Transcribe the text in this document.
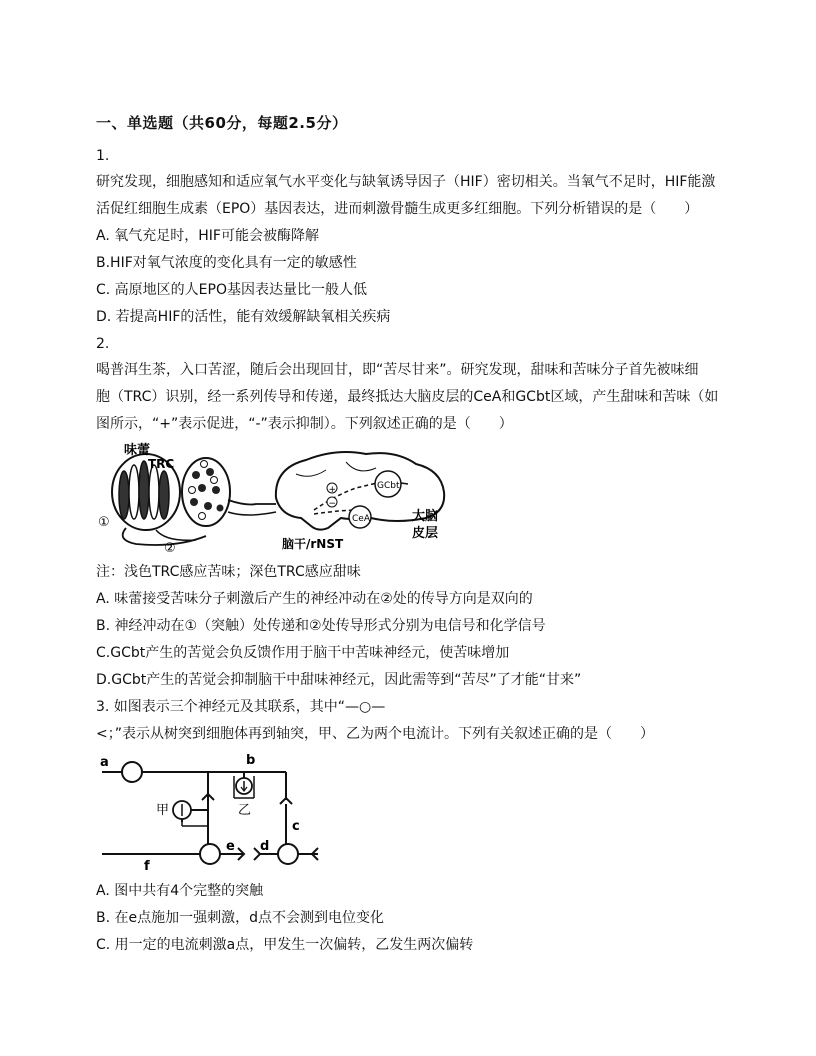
一、单选题（共60分，每题2.5分）
1.
研究发现，细胞感知和适应氧气水平变化与缺氧诱导因子（HIF）密切相关。当氧气不足时，HIF能激
活促红细胞生成素（EPO）基因表达，进而刺激骨髓生成更多红细胞。下列分析错误的是（　　）
A. 氧气充足时，HIF可能会被酶降解
B.HIF对氧气浓度的变化具有一定的敏感性
C. 高原地区的人EPO基因表达量比一般人低
D. 若提高HIF的活性，能有效缓解缺氧相关疾病
2.
喝普洱生茶，入口苦涩，随后会出现回甘，即“苦尽甘来”。研究发现，甜味和苦味分子首先被味细
胞（TRC）识别，经一系列传导和传递，最终抵达大脑皮层的CeA和GCbt区域，产生甜味和苦味（如
图所示，“+”表示促进，“-”表示抑制）。下列叙述正确的是（　　）
味蕾
TRC
①
②
GCbt
CeA
+
−
大脑
皮层
脑干/rNST
注：浅色TRC感应苦味；深色TRC感应甜味
A. 味蕾接受苦味分子刺激后产生的神经冲动在②处的传导方向是双向的
B. 神经冲动在①（突触）处传递和②处传导形式分别为电信号和化学信号
C.GCbt产生的苦觉会负反馈作用于脑干中苦味神经元，使苦味增加
D.GCbt产生的苦觉会抑制脑干中甜味神经元，因此需等到“苦尽”了才能“甘来”
3. 如图表示三个神经元及其联系，其中“—○—
<；”表示从树突到细胞体再到轴突，甲、乙为两个电流计。下列有关叙述正确的是（　　）
a	b
c
d
e
f
甲	乙
A. 图中共有4个完整的突触
B. 在e点施加一强刺激，d点不会测到电位变化
C. 用一定的电流刺激a点，甲发生一次偏转，乙发生两次偏转
